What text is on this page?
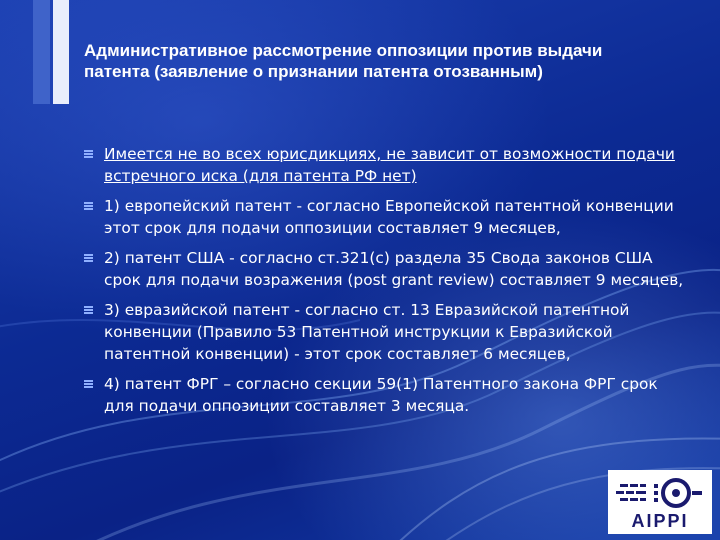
Административное рассмотрение оппозиции против выдачи патента (заявление о признании патента отозванным)
Имеется не во всех юрисдикциях, не зависит от возможности подачи встречного иска (для патента РФ нет)
1) европейский патент - согласно Европейской патентной конвенции этот срок для подачи оппозиции составляет 9 месяцев,
2) патент США - согласно ст.321(с) раздела 35 Свода законов США срок для подачи возражения (post grant review) составляет 9 месяцев,
3) евразийской патент - согласно ст. 13 Евразийской патентной конвенции (Правило 53 Патентной инструкции к Евразийской патентной конвенции) - этот срок составляет 6 месяцев,
4) патент ФРГ – согласно секции 59(1) Патентного закона ФРГ срок для подачи оппозиции составляет 3 месяца.
AIPPI
